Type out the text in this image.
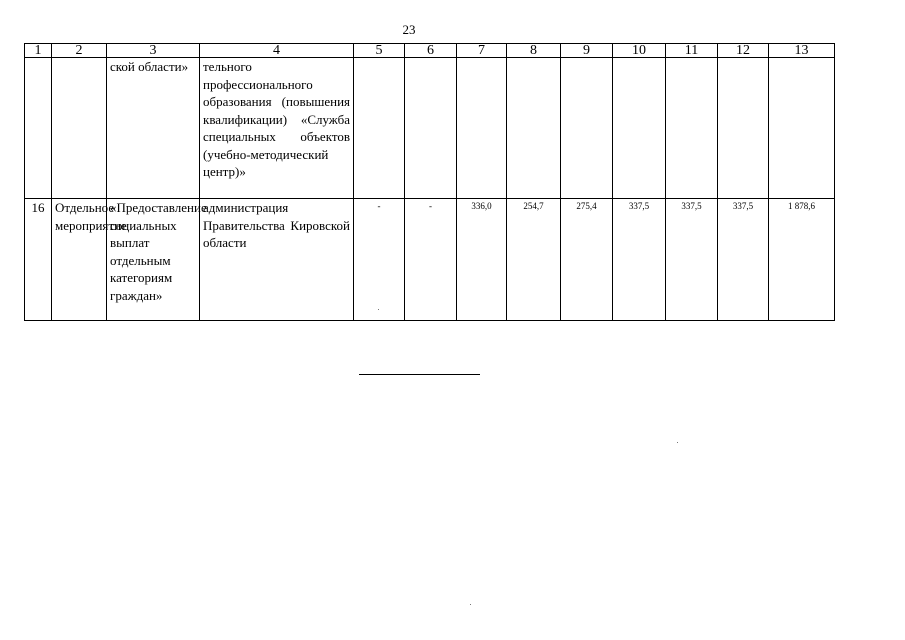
23
1	2	3	4	5	6	7	8	9	10	11	12	13

		ской области»	тельного профессионального образования (повышения квалификации) «Служба специальных объектов (учебно-методический центр)»									

16	Отдельное мероприятие	«Предоставление социальных выплат отдельным категориям граждан»	администрация Правительства Кировской области	-	-	336,0	254,7	275,4	337,5	337,5	337,5	1 878,6
